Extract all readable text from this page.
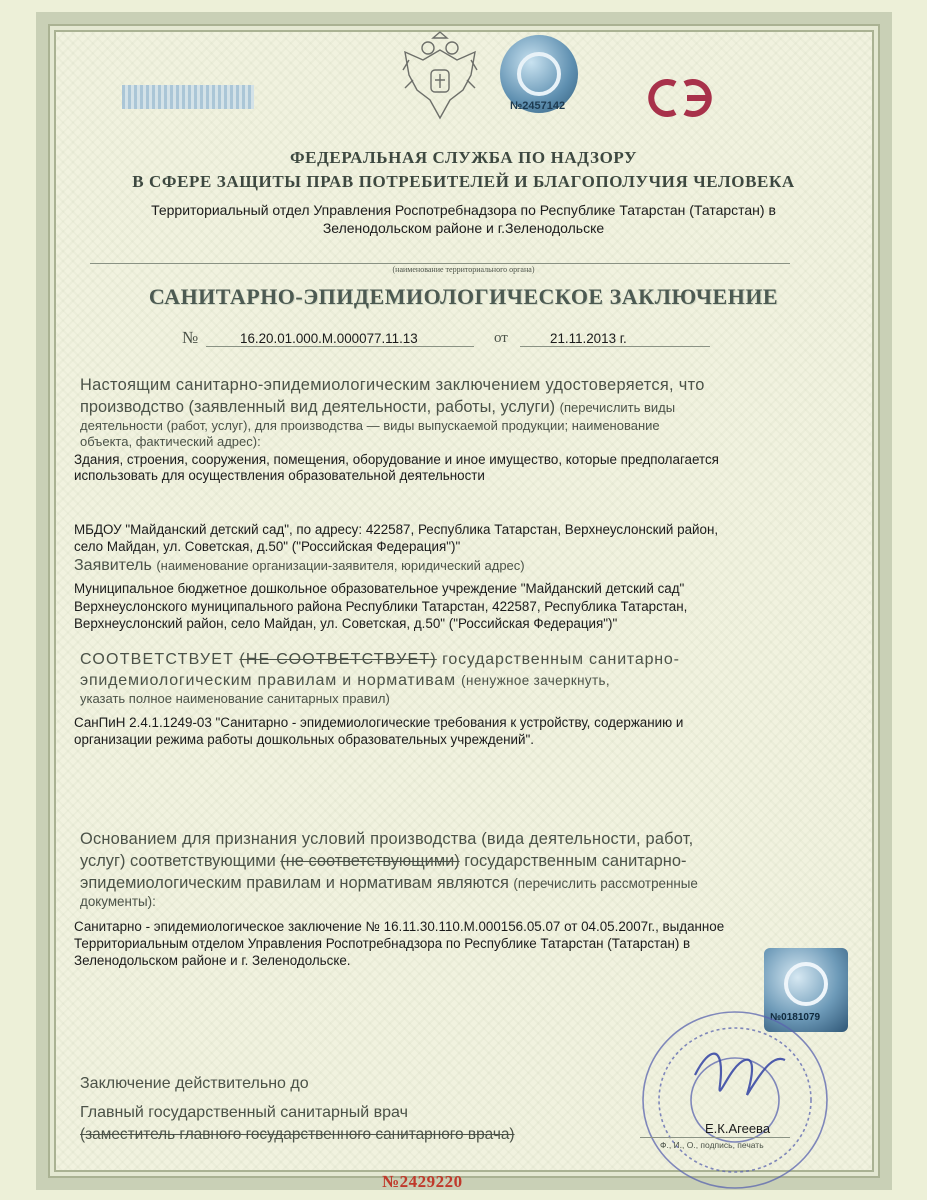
№2457142
ФЕДЕРАЛЬНАЯ СЛУЖБА ПО НАДЗОРУ
В СФЕРЕ ЗАЩИТЫ ПРАВ ПОТРЕБИТЕЛЕЙ И БЛАГОПОЛУЧИЯ ЧЕЛОВЕКА
Территориальный отдел Управления Роспотребнадзора по Республике Татарстан (Татарстан) в
Зеленодольском районе и г.Зеленодольске
(наименование территориального органа)
САНИТАРНО-ЭПИДЕМИОЛОГИЧЕСКОЕ ЗАКЛЮЧЕНИЕ
№	16.20.01.000.M.000077.11.13	от	21.11.2013 г.
Настоящим санитарно-эпидемиологическим заключением удостоверяется, что
производство (заявленный вид деятельности, работы, услуги) (перечислить виды
деятельности (работ, услуг), для производства — виды выпускаемой продукции; наименование
объекта, фактический адрес):
Здания, строения, сооружения, помещения, оборудование и иное имущество, которые предполагается
использовать для осуществления образовательной деятельности
МБДОУ "Майданский детский сад", по адресу: 422587, Республика Татарстан, Верхнеуслонский район,
село Майдан, ул. Советская, д.50" ("Российская Федерация")"
Заявитель (наименование организации-заявителя, юридический адрес)
Муниципальное бюджетное дошкольное образовательное учреждение "Майданский детский сад"
Верхнеуслонского муниципального района Республики Татарстан, 422587, Республика Татарстан,
Верхнеуслонский район, село Майдан, ул. Советская, д.50" ("Российская Федерация")"
СООТВЕТСТВУЕТ (НЕ СООТВЕТСТВУЕТ) государственным санитарно-
эпидемиологическим правилам и нормативам (ненужное зачеркнуть,
указать полное наименование санитарных правил)
СанПиН 2.4.1.1249-03 "Санитарно - эпидемиологические требования к устройству, содержанию и
организации режима работы дошкольных образовательных учреждений".
Основанием для признания условий производства (вида деятельности, работ,
услуг) соответствующими (не соответствующими) государственным санитарно-
эпидемиологическим правилам и нормативам являются (перечислить рассмотренные
документы):
Санитарно - эпидемиологическое заключение № 16.11.30.110.M.000156.05.07 от 04.05.2007г., выданное
Территориальным отделом Управления Роспотребнадзора по Республике Татарстан (Татарстан) в
Зеленодольском районе и г. Зеленодольске.
№0181079
Заключение действительно до
Главный государственный санитарный врач
(заместитель главного государственного санитарного врача)	Е.К.Агеева
Ф., И., О., подпись, печать
№2429220
